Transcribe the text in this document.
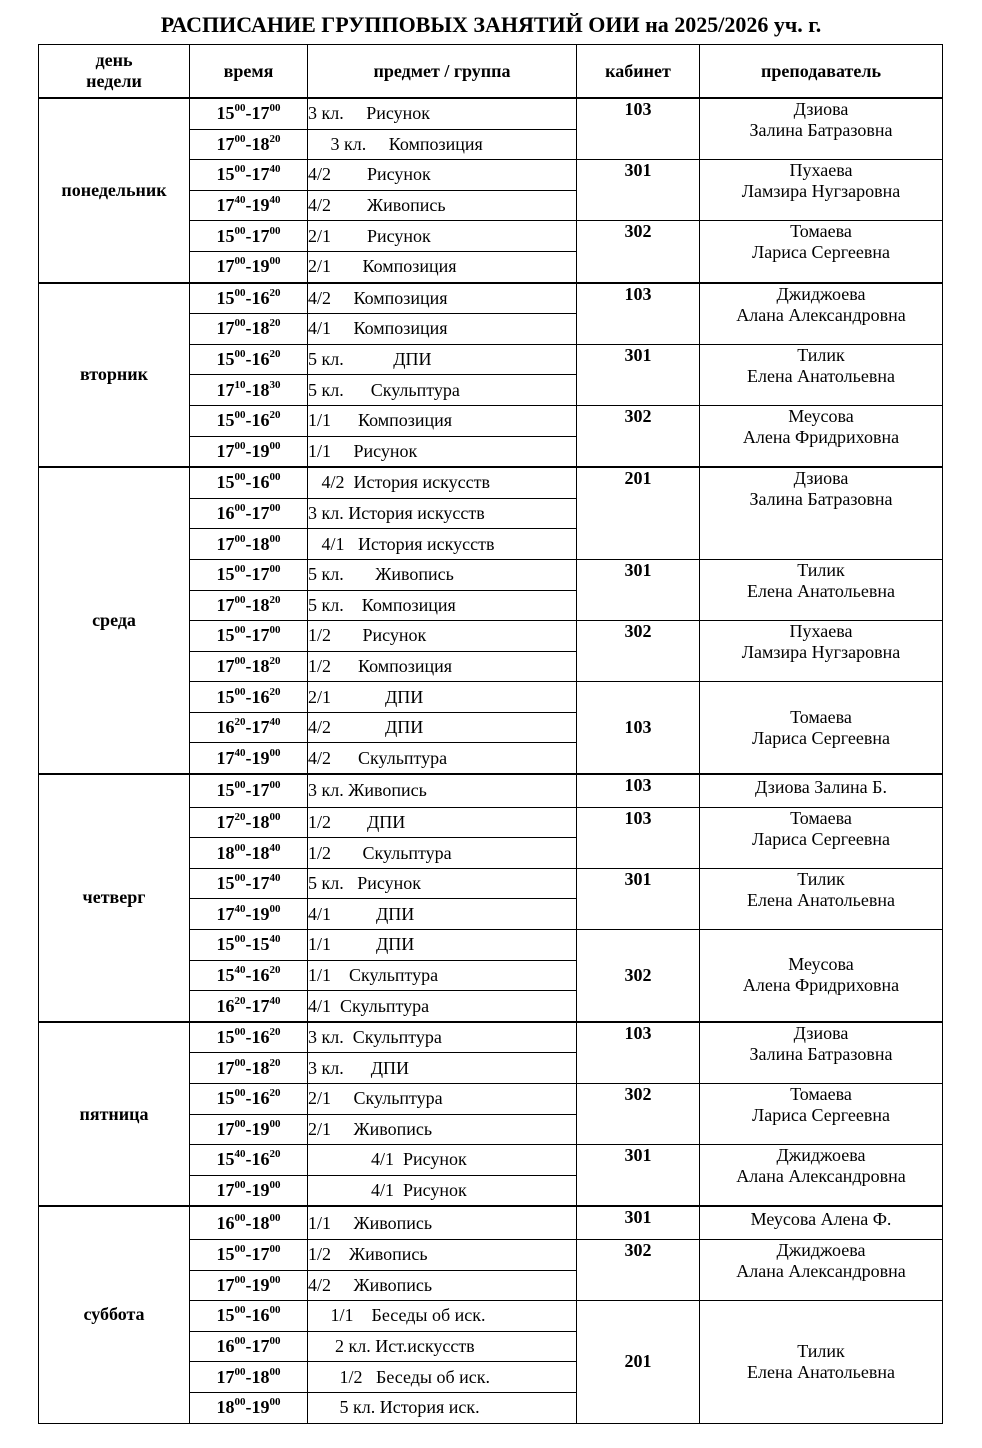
РАСПИСАНИЕ ГРУППОВЫХ ЗАНЯТИЙ ОИИ на 2025/2026 уч. г.
день
недели	время	предмет / группа	кабинет	преподаватель
понедельник	$15^{00}-17^{00}$	3 кл.     Рисунок	103	Дзиова
Залина Батразовна
	$17^{00}-18^{20}$	3 кл.     Композиция		
	$15^{00}-17^{40}$	4/2        Рисунок	301	Пухаева
Ламзира Нугзаровна
	$17^{40}-19^{40}$	4/2        Живопись		
	$15^{00}-17^{00}$	2/1        Рисунок	302	Томаева
Лариса Сергеевна
	$17^{00}-19^{00}$	2/1       Композиция		
вторник	$15^{00}-16^{20}$	4/2     Композиция	103	Джиджоева
Алана Александровна
	$17^{00}-18^{20}$	4/1     Композиция		
	$15^{00}-16^{20}$	5 кл.           ДПИ	301	Тилик
Елена Анатольевна
	$17^{10}-18^{30}$	5 кл.      Скульптура		
	$15^{00}-16^{20}$	1/1      Композиция	302	Меусова
Алена Фридриховна
	$17^{00}-19^{00}$	1/1     Рисунок		
среда	$15^{00}-16^{00}$	4/2  История искусств	201	Дзиова
Залина Батразовна
	$16^{00}-17^{00}$	3 кл. История искусств		
	$17^{00}-18^{00}$	4/1   История искусств		
	$15^{00}-17^{00}$	5 кл.       Живопись	301	Тилик
Елена Анатольевна
	$17^{00}-18^{20}$	5 кл.    Композиция		
	$15^{00}-17^{00}$	1/2       Рисунок	302	Пухаева
Ламзира Нугзаровна
	$17^{00}-18^{20}$	1/2      Композиция		
	$15^{00}-16^{20}$	2/1            ДПИ	103	Томаева
Лариса Сергеевна
	$16^{20}-17^{40}$	4/2            ДПИ		
	$17^{40}-19^{00}$	4/2      Скульптура		
четверг	$15^{00}-17^{00}$	3 кл. Живопись	103	Дзиова Залина Б.
	$17^{20}-18^{00}$	1/2        ДПИ	103	Томаева
Лариса Сергеевна
	$18^{00}-18^{40}$	1/2       Скульптура		
	$15^{00}-17^{40}$	5 кл.   Рисунок	301	Тилик
Елена Анатольевна
	$17^{40}-19^{00}$	4/1          ДПИ		
	$15^{00}-15^{40}$	1/1          ДПИ	302	Меусова
Алена Фридриховна
	$15^{40}-16^{20}$	1/1    Скульптура		
	$16^{20}-17^{40}$	4/1  Скульптура		
пятница	$15^{00}-16^{20}$	3 кл.  Скульптура	103	Дзиова
Залина Батразовна
	$17^{00}-18^{20}$	3 кл.      ДПИ		
	$15^{00}-16^{20}$	2/1     Скульптура	302	Томаева
Лариса Сергеевна
	$17^{00}-19^{00}$	2/1     Живопись		
	$15^{40}-16^{20}$	4/1  Рисунок	301	Джиджоева
Алана Александровна
	$17^{00}-19^{00}$	4/1  Рисунок		
суббота	$16^{00}-18^{00}$	1/1     Живопись	301	Меусова Алена Ф.
	$15^{00}-17^{00}$	1/2    Живопись	302	Джиджоева
Алана Александровна
	$17^{00}-19^{00}$	4/2     Живопись		
	$15^{00}-16^{00}$	1/1    Беседы об иск.	201	Тилик
Елена Анатольевна
	$16^{00}-17^{00}$	2 кл. Ист.искусств		
	$17^{00}-18^{00}$	1/2   Беседы об иск.		
	$18^{00}-19^{00}$	5 кл. История иск.		
